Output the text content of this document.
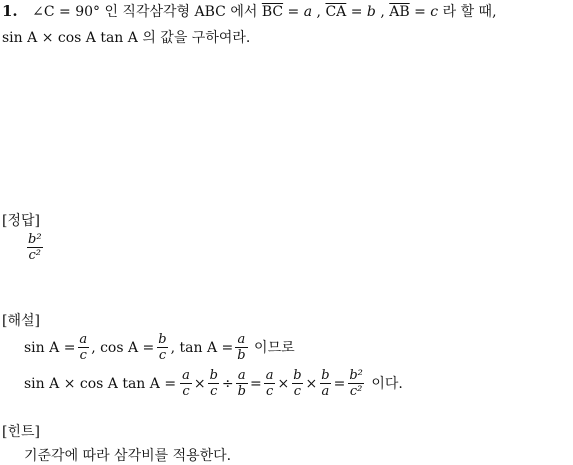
1. ∠C = 90° 인 직각삼각형 ABC 에서 $\overline{BC} = a$ , $\overline{CA} = b$ , $\overline{AB} = c$ 라 할 때,
sin A × cos A tan A 의 값을 구하여라.
[정답]
$\frac{\text{b²}}{\text{c²}}$
[해설]
$\sin A = \frac{a}{c}$ , $\cos A = \frac{b}{c}$ , $\tan A = \frac{a}{b}$ 이므로
sin A × cos A $\tan A = \frac{a}{c} \times \frac{b}{c} \div \frac{a}{b} = \frac{a}{c} \times \frac{b}{c} \times \frac{b}{a} = \frac{\text{b²}}{\text{c²}}$ 이다.
[힌트]
기준각에 따라 삼각비를 적용한다.
